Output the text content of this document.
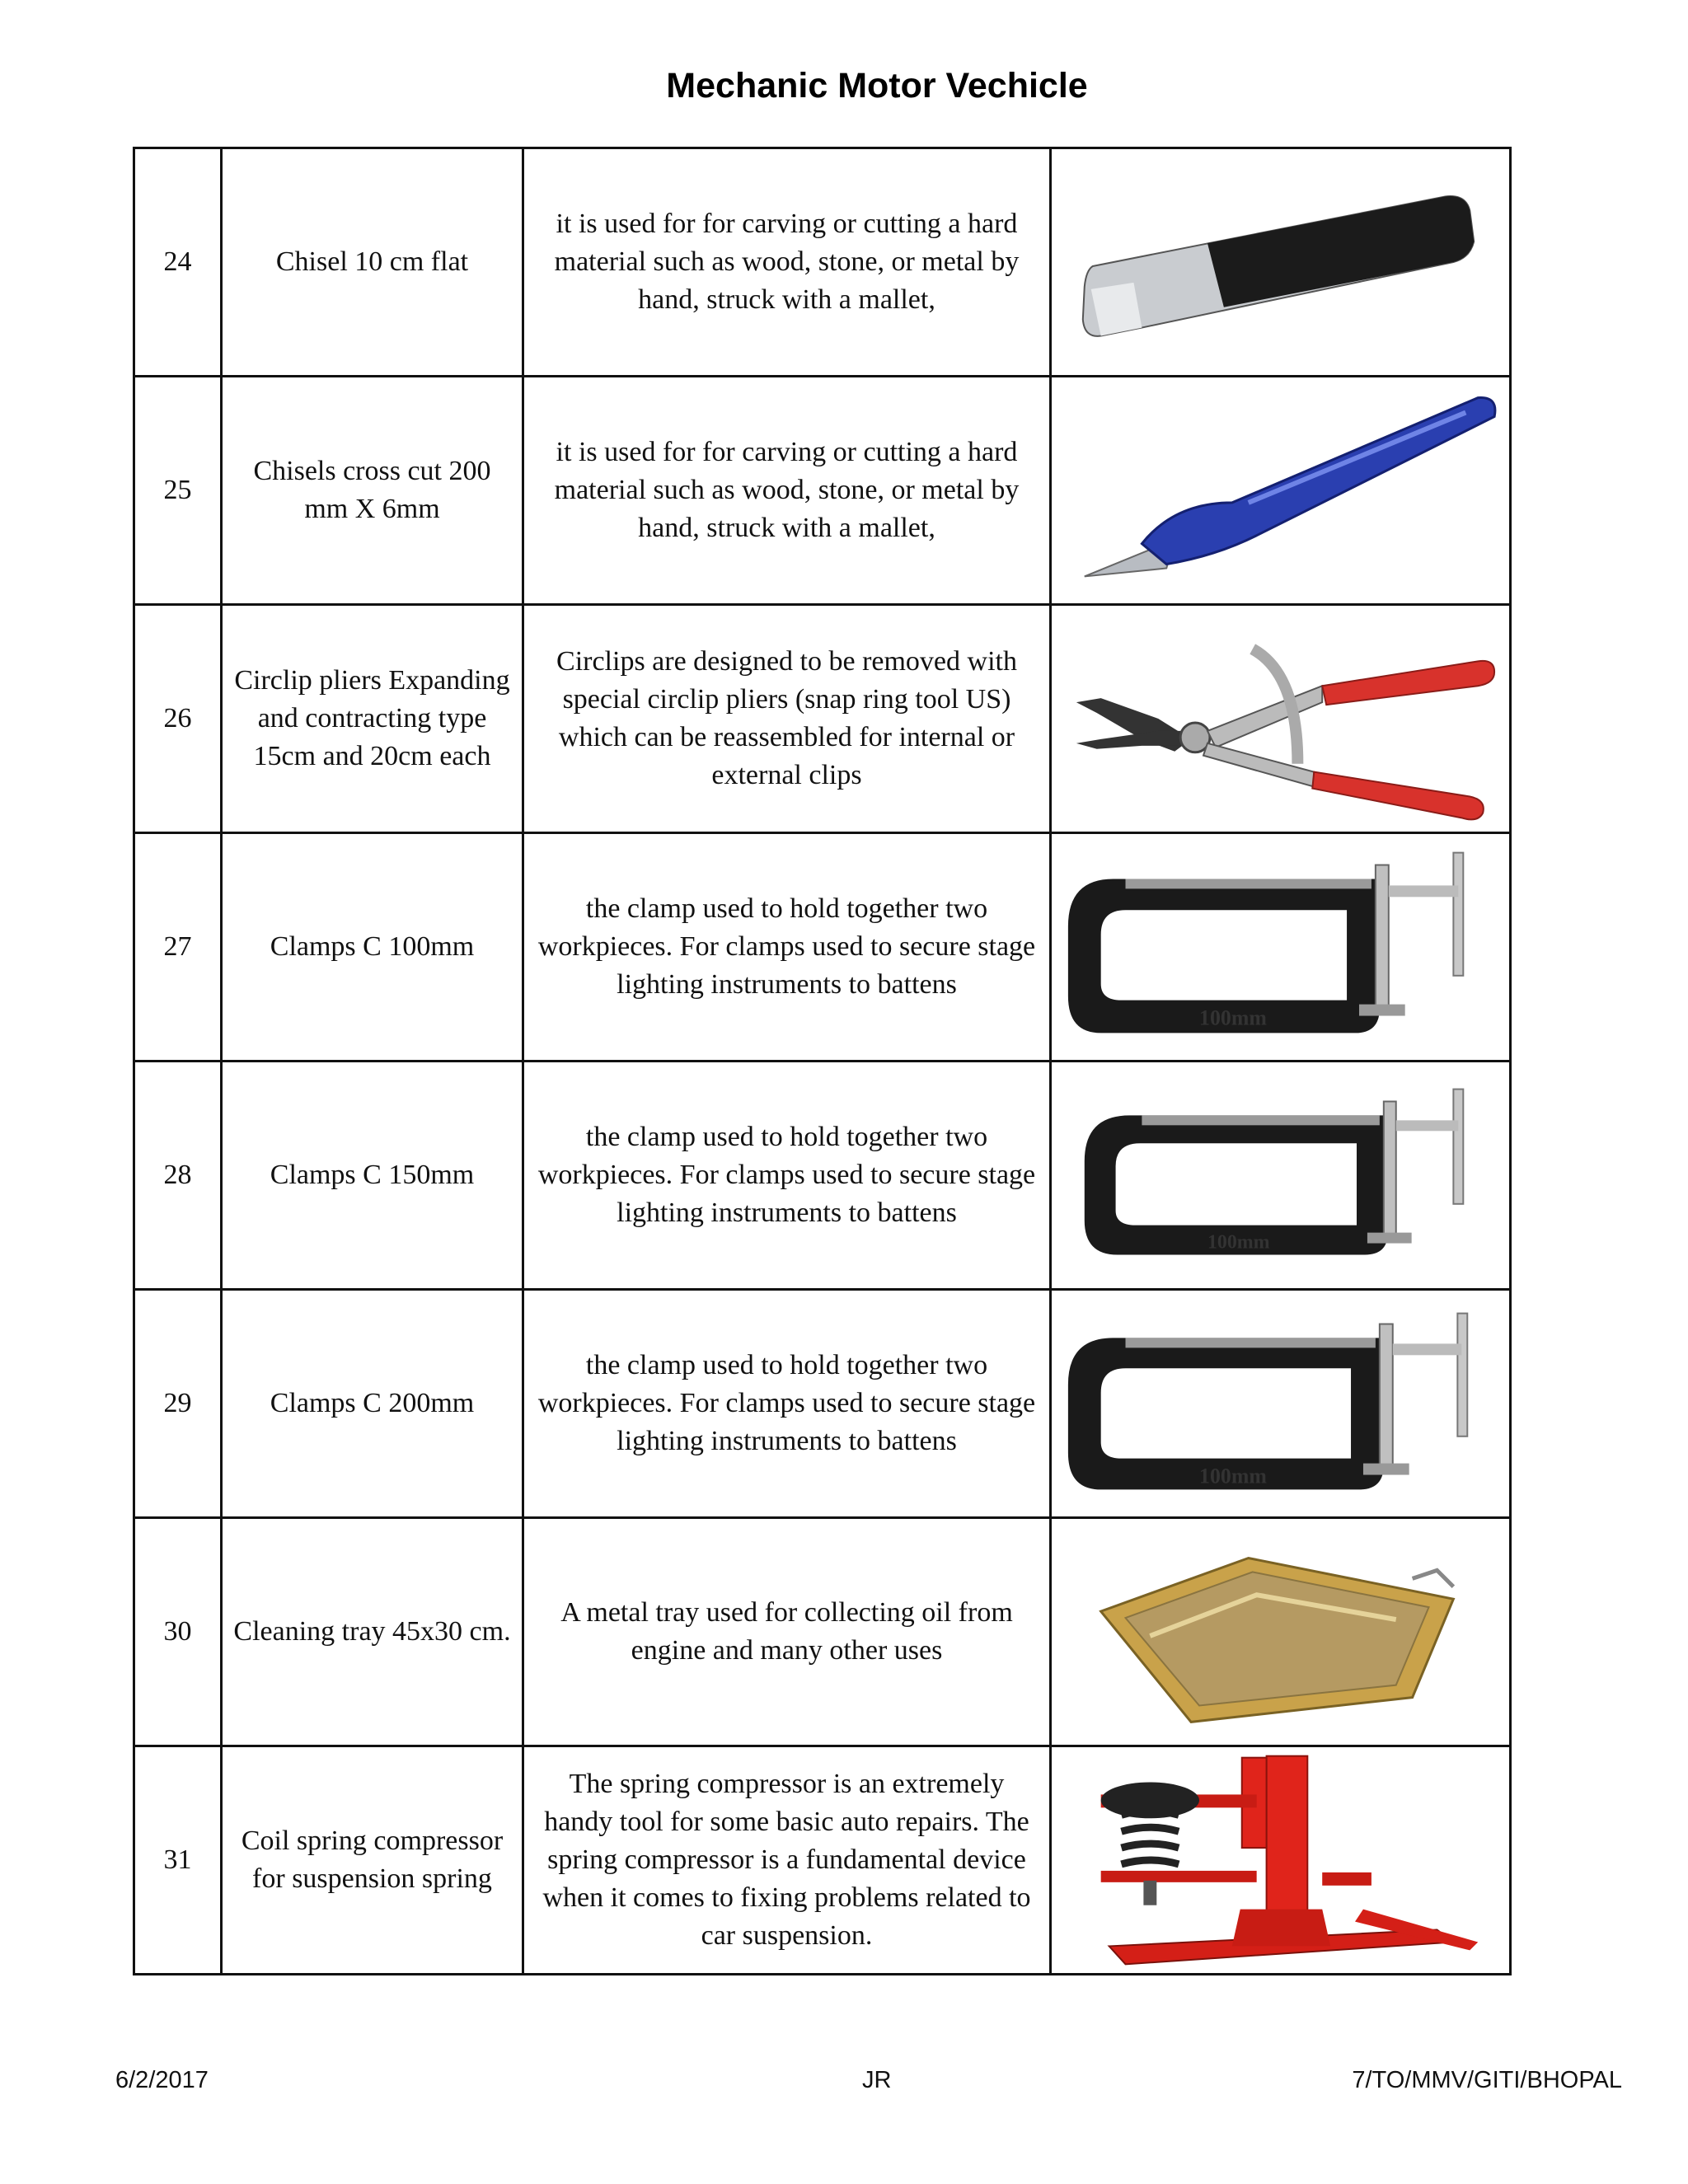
Mechanic Motor Vechicle
24	Chisel 10 cm flat	it is used for for carving or cutting a hard material such as wood, stone, or metal by hand, struck with a mallet,	

25	Chisels cross cut 200 mm X 6mm	it is used for for carving or cutting a hard material such as wood, stone, or metal by hand, struck with a mallet,	

26	Circlip pliers Expanding and contracting type 15cm and 20cm each	Circlips are designed to be removed with special circlip pliers (snap ring tool US) which can be reassembled for internal or external clips	

27	Clamps C 100mm	the clamp used to hold together two workpieces. For clamps used to secure stage lighting instruments to battens	100mm

28	Clamps C 150mm	the clamp used to hold together two workpieces. For clamps used to secure stage lighting instruments to battens	100mm

29	Clamps C 200mm	the clamp used to hold together two workpieces. For clamps used to secure stage lighting instruments to battens	100mm

30	Cleaning tray 45x30 cm.	A metal tray used for collecting oil from engine and many other uses	

31	Coil spring compressor for suspension spring	The spring compressor is an extremely handy tool for some basic auto repairs. The spring compressor is a fundamental device when it comes to fixing problems related to car suspension.	
6/2/2017	JR	7/TO/MMV/GITI/BHOPAL
